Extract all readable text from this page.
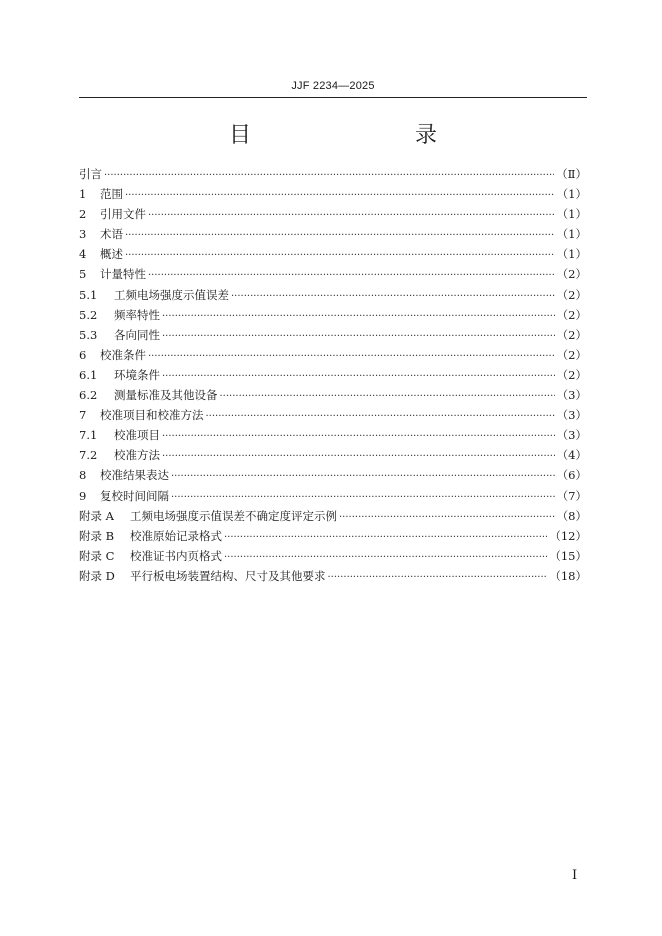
JJF 2234—2025
目　　录
引言 ·····	（Ⅱ）
1	范围 ·····	（1）
2	引用文件 ·····	（1）
3	术语 ·····	（1）
4	概述 ·····	（1）
5	计量特性 ·····	（2）
5.1	工频电场强度示值误差 ·····	（2）
5.2	频率特性 ·····	（2）
5.3	各向同性 ·····	（2）
6	校准条件 ·····	（2）
6.1	环境条件 ·····	（2）
6.2	测量标准及其他设备 ·····	（3）
7	校准项目和校准方法 ·····	（3）
7.1	校准项目 ·····	（3）
7.2	校准方法 ·····	（4）
8	校准结果表达 ·····	（6）
9	复校时间间隔 ·····	（7）
附录 A	工频电场强度示值误差不确定度评定示例 ·····	（8）
附录 B	校准原始记录格式 ·····	（12）
附录 C	校准证书内页格式 ·····	（15）
附录 D	平行板电场装置结构、尺寸及其他要求 ·····	（18）
Ⅰ
